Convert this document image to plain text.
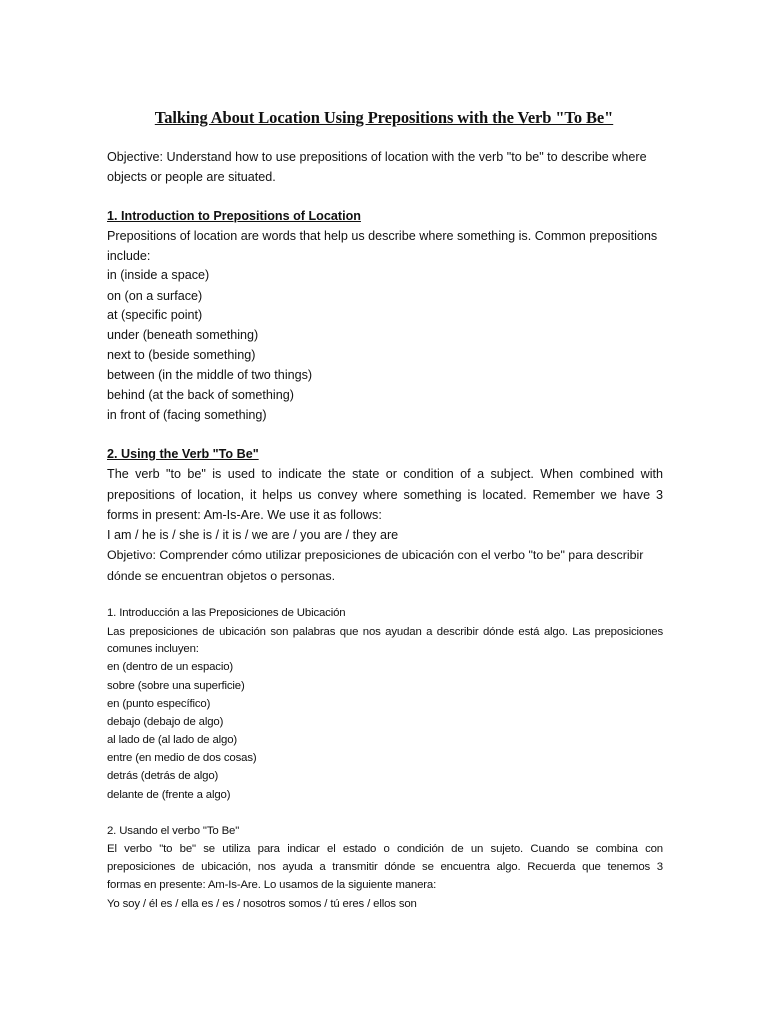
Talking About Location Using Prepositions with the Verb "To Be"
Objective: Understand how to use prepositions of location with the verb "to be" to describe where
objects or people are situated.
1. Introduction to Prepositions of Location
Prepositions of location are words that help us describe where something is. Common prepositions
include:
in (inside a space)
on (on a surface)
at (specific point)
under (beneath something)
next to (beside something)
between (in the middle of two things)
behind (at the back of something)
in front of (facing something)
2. Using the Verb "To Be"
The verb "to be" is used to indicate the state or condition of a subject. When combined with
prepositions of location, it helps us convey where something is located. Remember we have 3
forms in present: Am-Is-Are. We use it as follows:
I am / he is / she is / it is / we are / you are / they are
Objetivo: Comprender cómo utilizar preposiciones de ubicación con el verbo "to be" para describir
dónde se encuentran objetos o personas.
1. Introducción a las Preposiciones de Ubicación
Las preposiciones de ubicación son palabras que nos ayudan a describir dónde está algo. Las preposiciones
comunes incluyen:
en (dentro de un espacio)
sobre (sobre una superficie)
en (punto específico)
debajo (debajo de algo)
al lado de (al lado de algo)
entre (en medio de dos cosas)
detrás (detrás de algo)
delante de (frente a algo)
2. Usando el verbo "To Be"
El verbo "to be" se utiliza para indicar el estado o condición de un sujeto. Cuando se combina con
preposiciones de ubicación, nos ayuda a transmitir dónde se encuentra algo. Recuerda que tenemos 3
formas en presente: Am-Is-Are. Lo usamos de la siguiente manera:
Yo soy / él es / ella es / es / nosotros somos / tú eres / ellos son
